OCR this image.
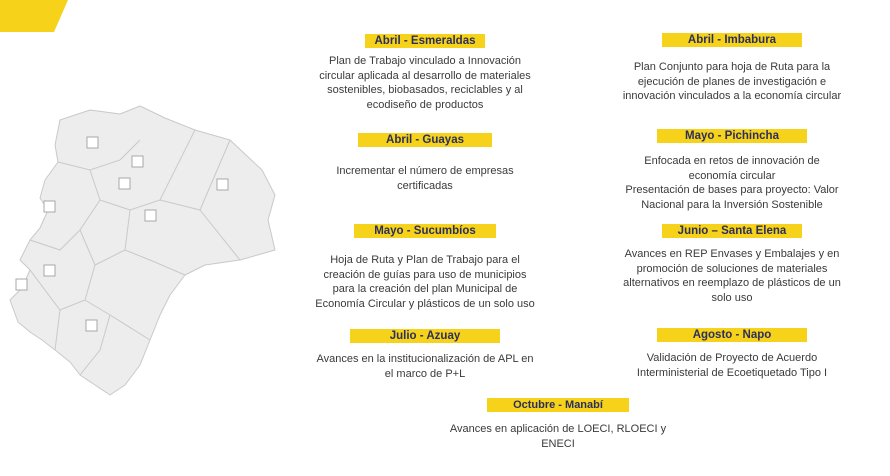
Abril - Esmeraldas
Plan de Trabajo vinculado a Innovación
circular aplicada al desarrollo de materiales
sostenibles, biobasados, reciclables y al
ecodiseño de productos
Abril - Imbabura
Plan Conjunto para hoja de Ruta para la
ejecución de planes de investigación e
innovación vinculados a la economía circular
Abril - Guayas
Incrementar el número de empresas
certificadas
Mayo - Pichincha
Enfocada en retos de innovación de
economía circular
Presentación de bases para proyecto: Valor
Nacional para la Inversión Sostenible
Mayo - Sucumbíos
Hoja de Ruta y Plan de Trabajo para el
creación de guías para uso de municipios
para la creación del plan Municipal de
Economía Circular y plásticos de un solo uso
Junio – Santa Elena
Avances en REP Envases y Embalajes y en
promoción de soluciones de materiales
alternativos en reemplazo de plásticos de un
solo uso
Julio - Azuay
Avances en la institucionalización de APL en
el marco de P+L
Agosto - Napo
Validación de Proyecto de Acuerdo
Interministerial de Ecoetiquetado Tipo I
Octubre - Manabí
Avances en aplicación de LOECI, RLOECI y
ENECI
